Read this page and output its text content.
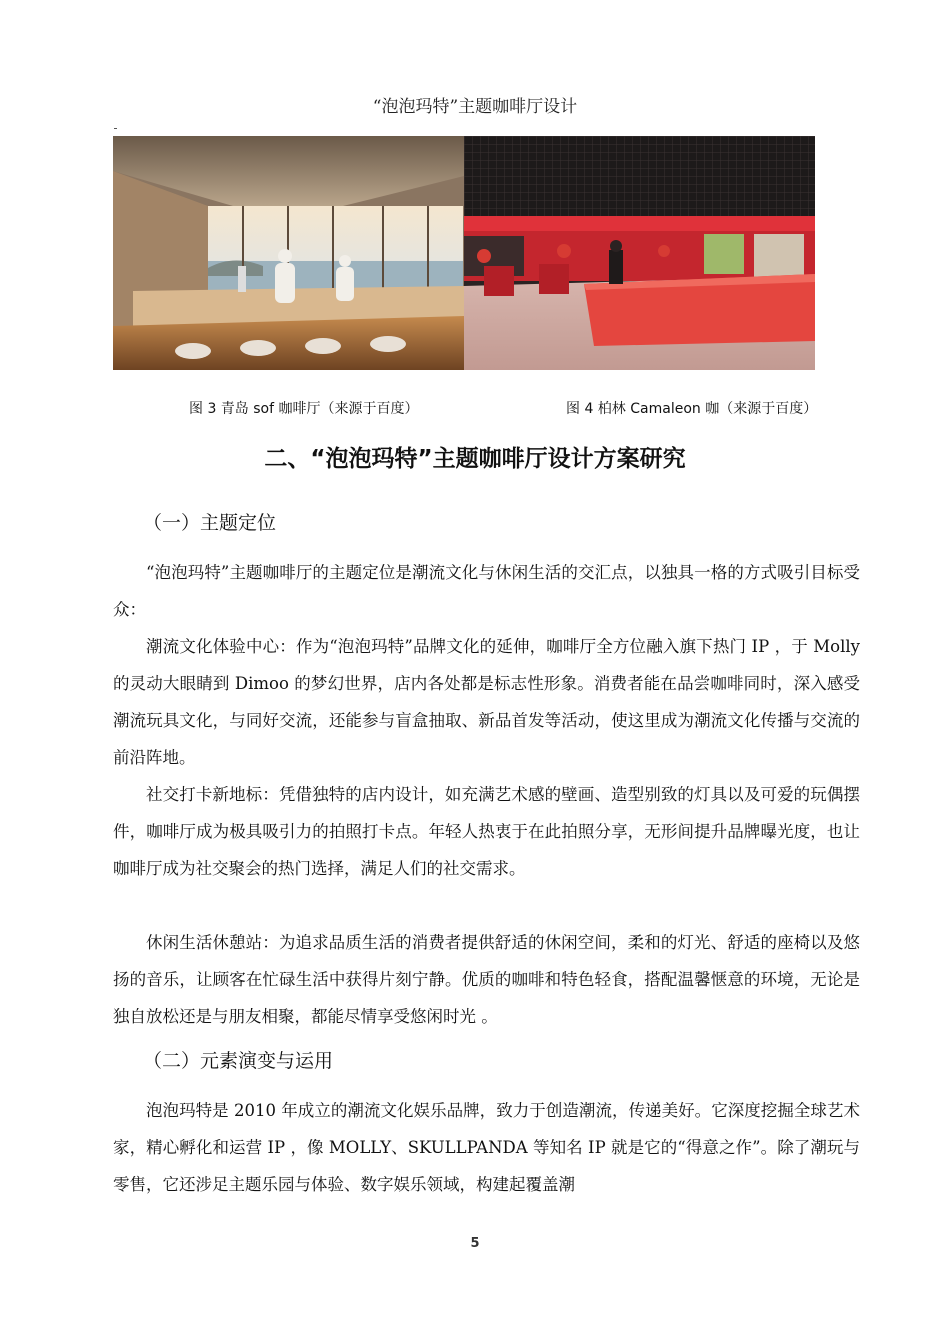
“泡泡玛特”主题咖啡厅设计
图 3 青岛 sof 咖啡厅（来源于百度）	图 4 柏林 Camaleon 咖（来源于百度）
二、“泡泡玛特”主题咖啡厅设计方案研究
（一）主题定位
“泡泡玛特”主题咖啡厅的主题定位是潮流文化与休闲生活的交汇点，以独具一格的方式吸引目标受众：
潮流文化体验中心：作为“泡泡玛特”品牌文化的延伸，咖啡厅全方位融入旗下热门 IP ，于 Molly 的灵动大眼睛到 Dimoo 的梦幻世界，店内各处都是标志性形象。消费者能在品尝咖啡同时，深入感受潮流玩具文化，与同好交流，还能参与盲盒抽取、新品首发等活动，使这里成为潮流文化传播与交流的前沿阵地。
社交打卡新地标：凭借独特的店内设计，如充满艺术感的壁画、造型别致的灯具以及可爱的玩偶摆件，咖啡厅成为极具吸引力的拍照打卡点。年轻人热衷于在此拍照分享，无形间提升品牌曝光度，也让咖啡厅成为社交聚会的热门选择，满足人们的社交需求。
休闲生活休憩站：为追求品质生活的消费者提供舒适的休闲空间，柔和的灯光、舒适的座椅以及悠扬的音乐，让顾客在忙碌生活中获得片刻宁静。优质的咖啡和特色轻食，搭配温馨惬意的环境，无论是独自放松还是与朋友相聚，都能尽情享受悠闲时光 。
（二）元素演变与运用
泡泡玛特是 2010 年成立的潮流文化娱乐品牌，致力于创造潮流，传递美好。它深度挖掘全球艺术家，精心孵化和运营 IP ，像 MOLLY、SKULLPANDA 等知名 IP 就是它的“得意之作”。除了潮玩与零售，它还涉足主题乐园与体验、数字娱乐领域，构建起覆盖潮
5
